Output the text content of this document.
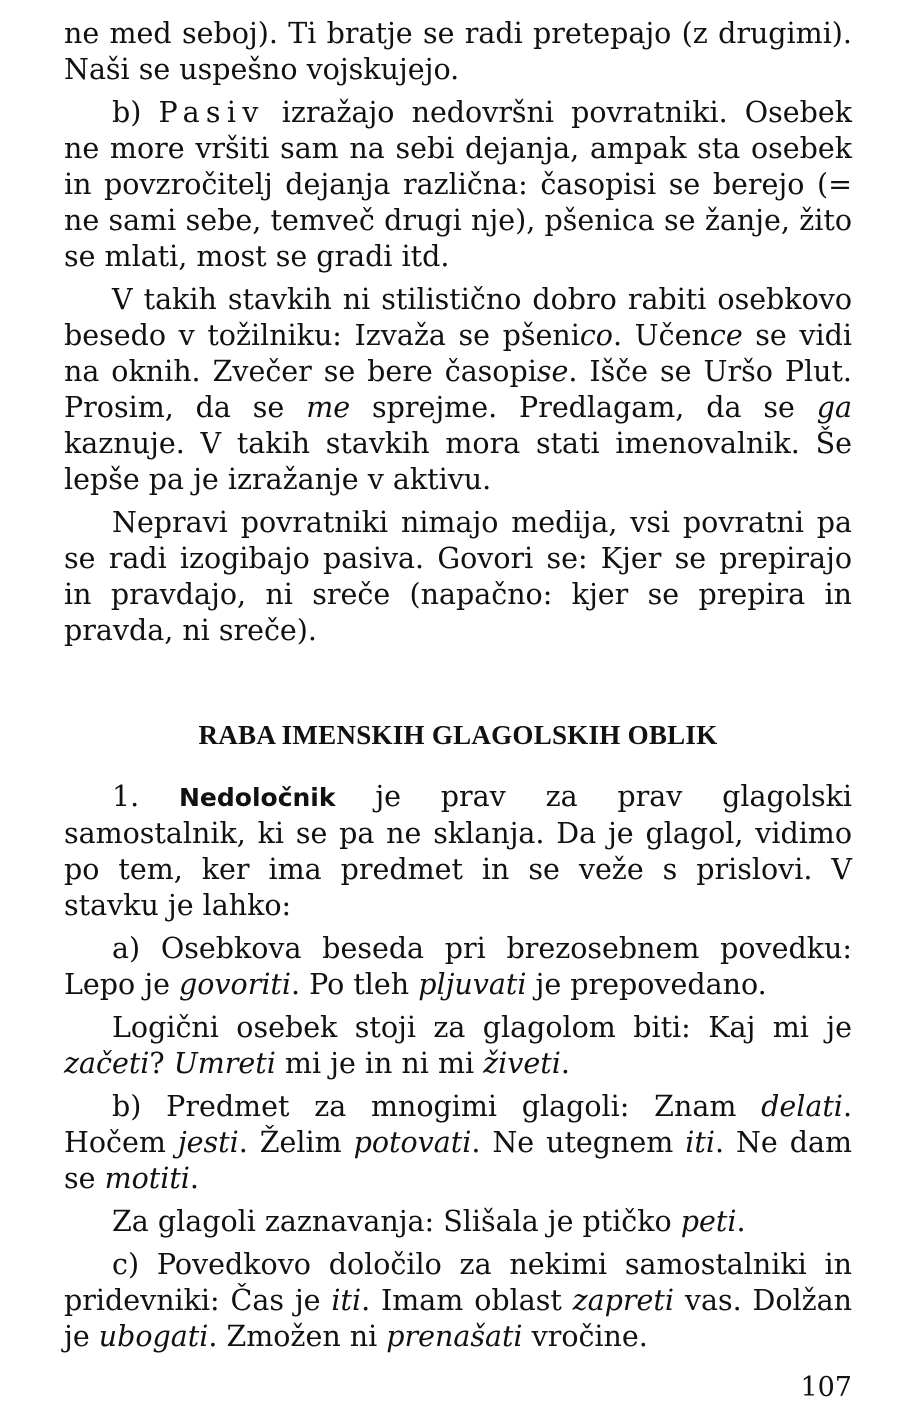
ne med seboj). Ti bratje se radi pretepajo (z drugimi). Naši se uspešno vojskujejo.

b) Pasiv izražajo nedovršni povratniki. Osebek ne more vršiti sam na sebi dejanja, ampak sta osebek in povzročitelj dejanja različna: časopisi se berejo (= ne sami sebe, temveč drugi nje), pšenica se žanje, žito se mlati, most se gradi itd.

V takih stavkih ni stilistično dobro rabiti osebkovo besedo v tožilniku: Izvaža se pšenico. Učence se vidi na oknih. Zvečer se bere časopise. Išče se Uršo Plut. Prosim, da se me sprejme. Predlagam, da se ga kaznuje. V takih stavkih mora stati imenovalnik. Še lepše pa je izražanje v aktivu.

Nepravi povratniki nimajo medija, vsi povratni pa se radi izogibajo pasiva. Govori se: Kjer se prepirajo in pravdajo, ni sreče (napačno: kjer se prepira in pravda, ni sreče).

RABA IMENSKIH GLAGOLSKIH OBLIK

1. Nedoločnik je prav za prav glagolski samostalnik, ki se pa ne sklanja. Da je glagol, vidimo po tem, ker ima predmet in se veže s prislovi. V stavku je lahko:

a) Osebkova beseda pri brezosebnem povedku: Lepo je govoriti. Po tleh pljuvati je prepovedano.

Logični osebek stoji za glagolom biti: Kaj mi je začeti? Umreti mi je in ni mi živeti.

b) Predmet za mnogimi glagoli: Znam delati. Hočem jesti. Želim potovati. Ne utegnem iti. Ne dam se motiti.

Za glagoli zaznavanja: Slišala je ptičko peti.

c) Povedkovo določilo za nekimi samostalniki in pridevniki: Čas je iti. Imam oblast zapreti vas. Dolžan je ubogati. Zmožen ni prenašati vročine.

107
